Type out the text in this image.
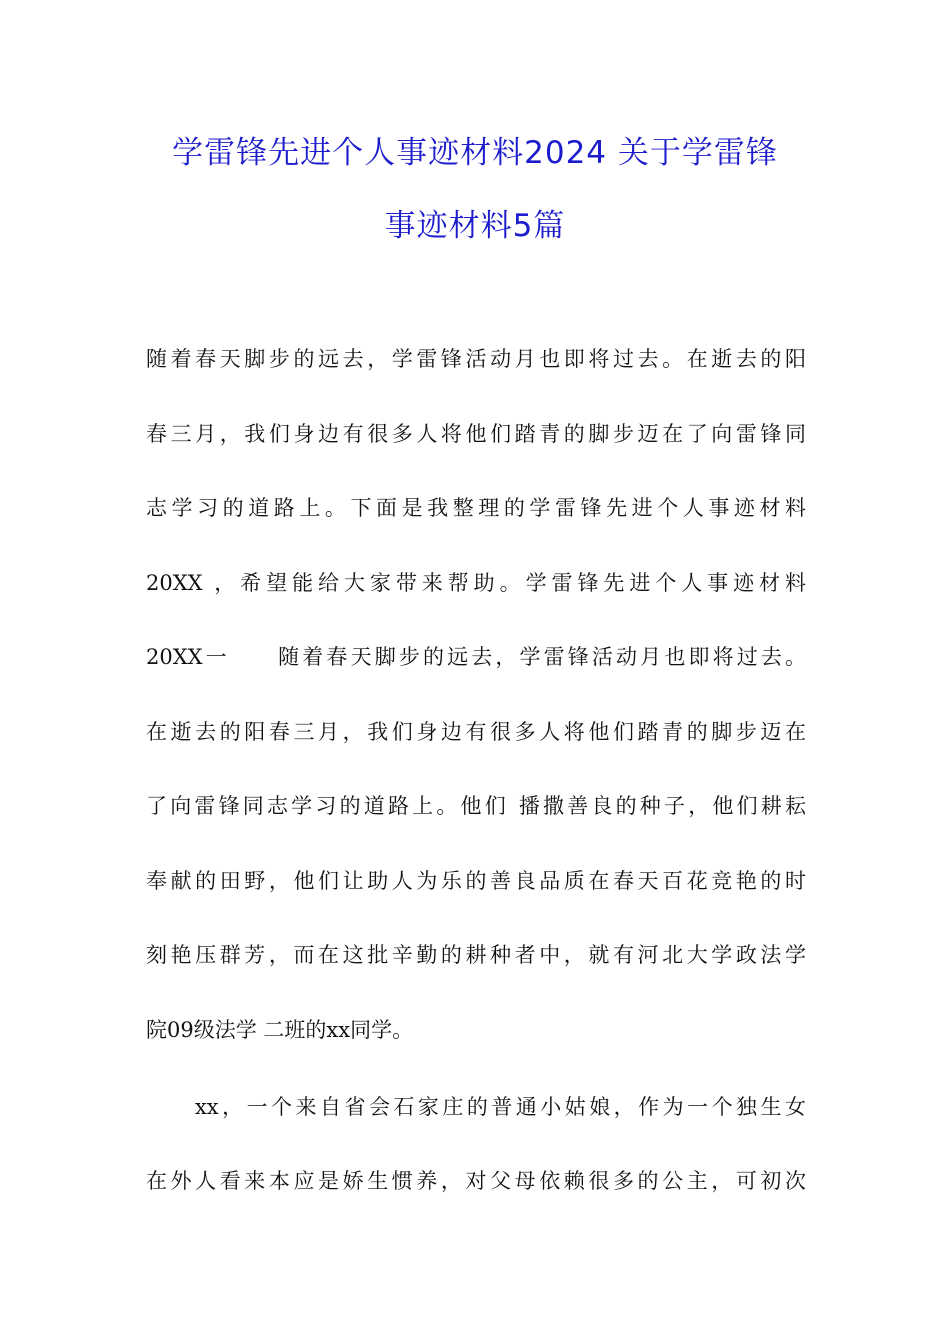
学雷锋先进个人事迹材料2024 关于学雷锋
事迹材料5篇
随着春天脚步的远去，学雷锋活动月也即将过去。在逝去的阳
春三月，我们身边有很多人将他们踏青的脚步迈在了向雷锋同
志学习的道路上。下面是我整理的学雷锋先进个人事迹材料
20XX ，希望能给大家带来帮助。学雷锋先进个人事迹材料
20XX一　　随着春天脚步的远去，学雷锋活动月也即将过去。
在逝去的阳春三月，我们身边有很多人将他们踏青的脚步迈在
了向雷锋同志学习的道路上。他们 播撒善良的种子，他们耕耘
奉献的田野，他们让助人为乐的善良品质在春天百花竞艳的时
刻艳压群芳，而在这批辛勤的耕种者中，就有河北大学政法学
院09级法学 二班的xx同学。
　　xx，一个来自省会石家庄的普通小姑娘，作为一个独生女
在外人看来本应是娇生惯养，对父母依赖很多的公主，可初次
